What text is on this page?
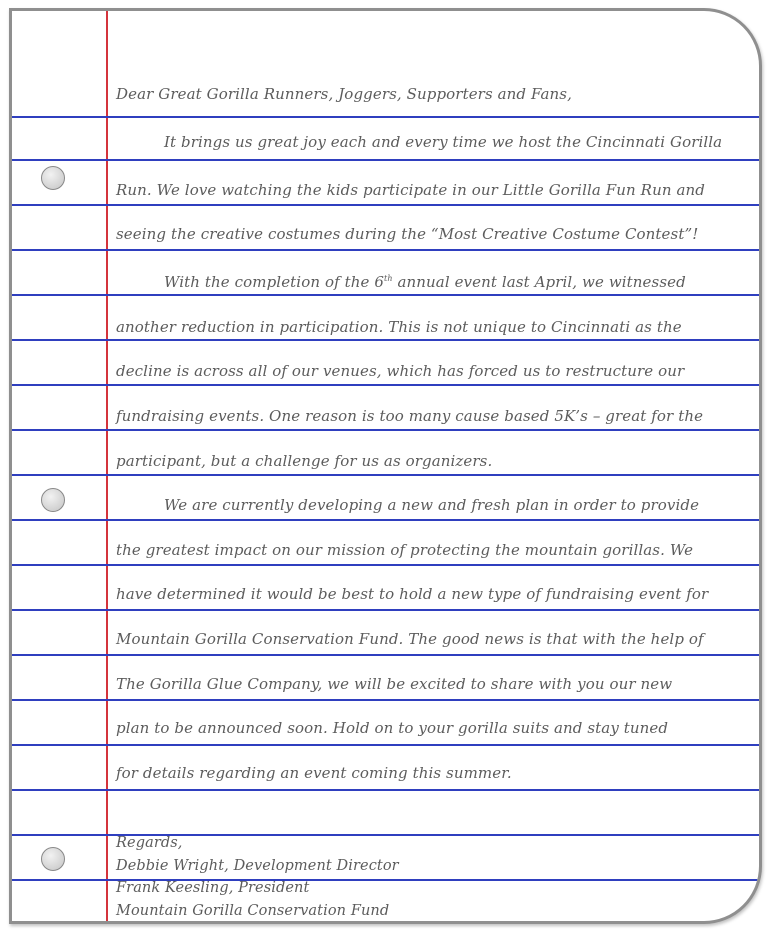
Dear Great Gorilla Runners, Joggers, Supporters and Fans,
It brings us great joy each and every time we host the Cincinnati Gorilla
Run. We love watching the kids participate in our Little Gorilla Fun Run and
seeing the creative costumes during the “Most Creative Costume Contest”!
With the completion of the 6th annual event last April, we witnessed
another reduction in participation. This is not unique to Cincinnati as the
decline is across all of our venues, which has forced us to restructure our
fundraising events. One reason is too many cause based 5K’s – great for the
participant, but a challenge for us as organizers.
We are currently developing a new and fresh plan in order to provide
the greatest impact on our mission of protecting the mountain gorillas. We
have determined it would be best to hold a new type of fundraising event for
Mountain Gorilla Conservation Fund. The good news is that with the help of
The Gorilla Glue Company, we will be excited to share with you our new
plan to be announced soon. Hold on to your gorilla suits and stay tuned
for details regarding an event coming this summer.
Regards,
Debbie Wright, Development Director
Frank Keesling, President
Mountain Gorilla Conservation Fund
